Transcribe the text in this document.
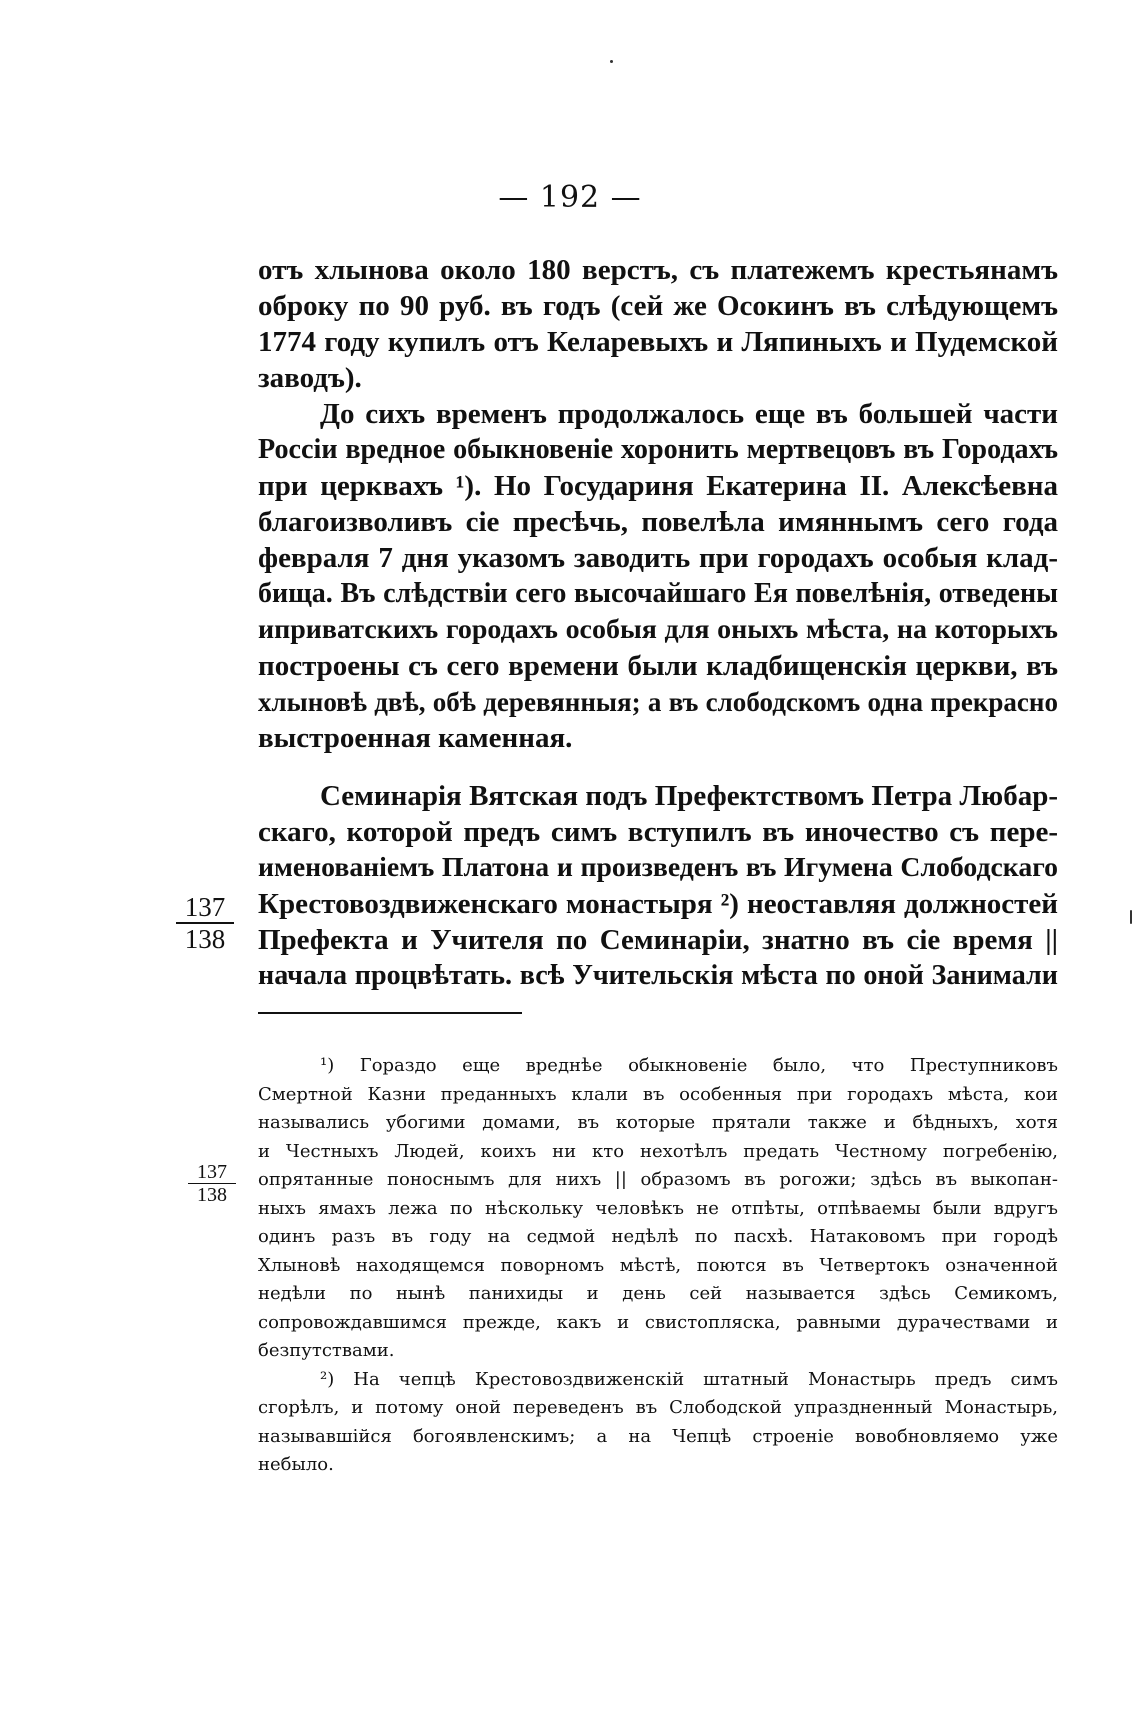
— 192 —
отъ хлынова около 180 верстъ, съ платежемъ крестьянамъ
оброку по 90 руб. въ годъ (сей же Осокинъ въ слѣдующемъ
1774 году купилъ отъ Келаревыхъ и Ляпиныхъ и Пудемской
заводъ).
До сихъ временъ продолжалось еще въ большей части
Россіи вредное обыкновеніе хоронить мертвецовъ въ Городахъ
при церквахъ ¹). Но Государиня Екатерина II. Алексѣевна
благоизволивъ сіе пресѣчь, повелѣла имяннымъ сего года
февраля 7 дня указомъ заводить при городахъ особыя клад-
бища. Въ слѣдствіи сего высочайшаго Ея повелѣнія, отведены
иприватскихъ городахъ особыя для оныхъ мѣста, на которыхъ
построены съ сего времени были кладбищенскія церкви, въ
хлыновѣ двѣ, обѣ деревянныя; а въ слободскомъ одна прекрасно
выстроенная каменная.
Семинарія Вятская подъ Префектствомъ Петра Любар-
скаго, которой предъ симъ вступилъ въ иночество съ пере-
именованіемъ Платона и произведенъ въ Игумена Слободскаго
Крестовоздвиженскаго монастыря ²) неоставляя должностей
Префекта и Учителя по Семинаріи, знатно въ сіе время ||
начала процвѣтать. всѣ Учительскія мѣста по оной Занимали
137
138
¹) Гораздо еще вреднѣе обыкновеніе было, что Преступниковъ
Смертной Казни преданныхъ клали въ особенныя при городахъ мѣста, кои
назывались убогими домами, въ которые прятали также и бѣдныхъ, хотя
и Честныхъ Людей, коихъ ни кто нехотѣлъ предать Честному погребенію,
опрятанные поноснымъ для нихъ || образомъ въ рогожи; здѣсь въ выкопан-
ныхъ ямахъ лежа по нѣскольку человѣкъ не отпѣты, отпѣваемы были вдругъ
одинъ разъ въ году на седмой недѣлѣ по пасхѣ. Натаковомъ при городѣ
Хлыновѣ находящемся поворномъ мѣстѣ, поются въ Четвертокъ означенной
недѣли по нынѣ панихиды и день сей называется здѣсь Семикомъ,
сопровождавшимся прежде, какъ и свистопляска, равными дурачествами и
безпутствами.
²) На чепцѣ Крестовоздвиженскій штатный Монастырь предъ симъ
сгорѣлъ, и потому оной переведенъ въ Слободской упраздненный Монастырь,
называвшійся богоявленскимъ; а на Чепцѣ строеніе вовобновляемо уже
небыло.
137
138
